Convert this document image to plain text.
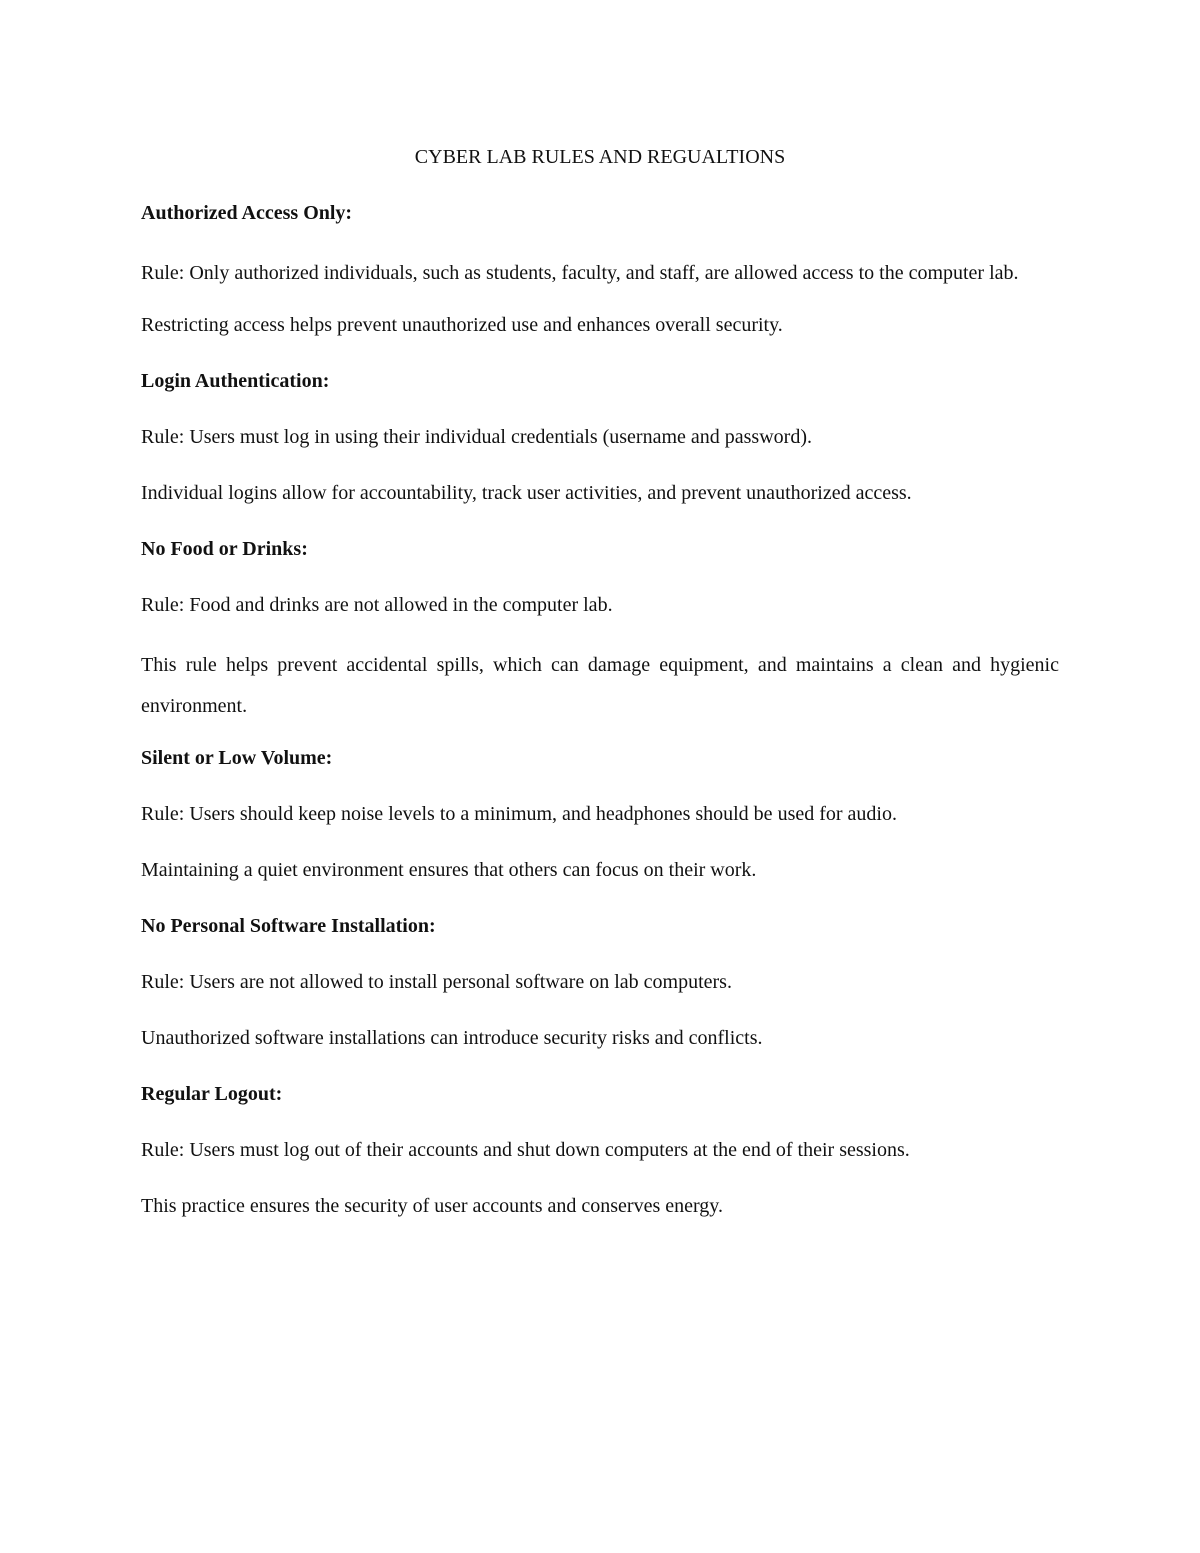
CYBER LAB RULES AND REGUALTIONS
Authorized Access Only:

Rule: Only authorized individuals, such as students, faculty, and staff, are allowed access to the computer lab.

Restricting access helps prevent unauthorized use and enhances overall security.

Login Authentication:

Rule: Users must log in using their individual credentials (username and password).

Individual logins allow for accountability, track user activities, and prevent unauthorized access.

No Food or Drinks:

Rule: Food and drinks are not allowed in the computer lab.

This rule helps prevent accidental spills, which can damage equipment, and maintains a clean and hygienic environment.

Silent or Low Volume:

Rule: Users should keep noise levels to a minimum, and headphones should be used for audio.

Maintaining a quiet environment ensures that others can focus on their work.

No Personal Software Installation:

Rule: Users are not allowed to install personal software on lab computers.

Unauthorized software installations can introduce security risks and conflicts.

Regular Logout:

Rule: Users must log out of their accounts and shut down computers at the end of their sessions.

This practice ensures the security of user accounts and conserves energy.
